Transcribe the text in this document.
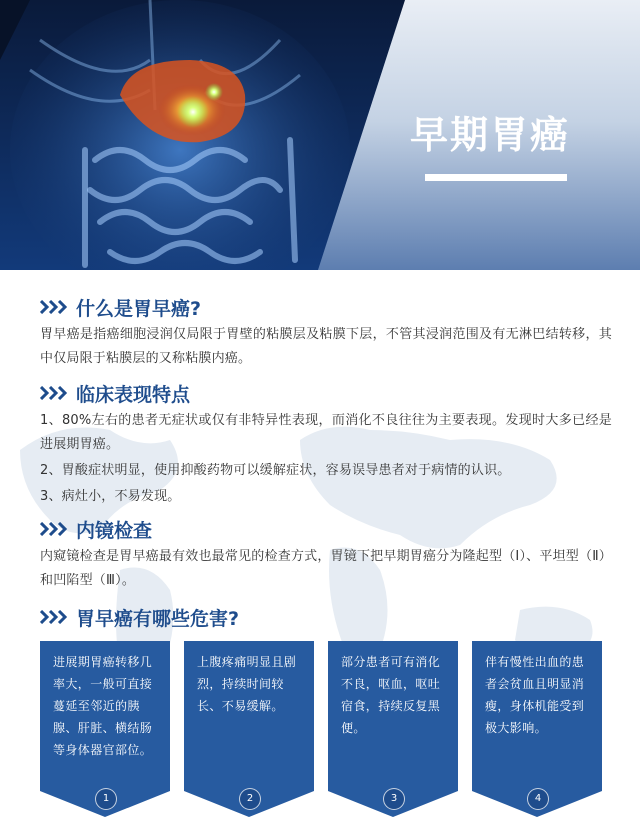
早期胃癌
什么是胃早癌?

胃早癌是指癌细胞浸润仅局限于胃壁的粘膜层及粘膜下层，不管其浸润范围及有无淋巴结转移，其中仅局限于粘膜层的又称粘膜内癌。

临床表现特点

1、80%左右的患者无症状或仅有非特异性表现，而消化不良往往为主要表现。发现时大多已经是进展期胃癌。

2、胃酸症状明显，使用抑酸药物可以缓解症状，容易误导患者对于病情的认识。

3、病灶小，不易发现。

内镜检查

内窥镜检查是胃早癌最有效也最常见的检查方式，胃镜下把早期胃癌分为隆起型（Ⅰ）、平坦型（Ⅱ）和凹陷型（Ⅲ）。

胃早癌有哪些危害?
进展期胃癌转移几率大，一般可直接蔓延至邻近的胰腺、肝脏、横结肠等身体器官部位。
1
上腹疼痛明显且剧烈，持续时间较长、不易缓解。
2
部分患者可有消化不良，呕血，呕吐宿食，持续反复黑便。
3
伴有慢性出血的患者会贫血且明显消瘦，身体机能受到极大影响。
4
